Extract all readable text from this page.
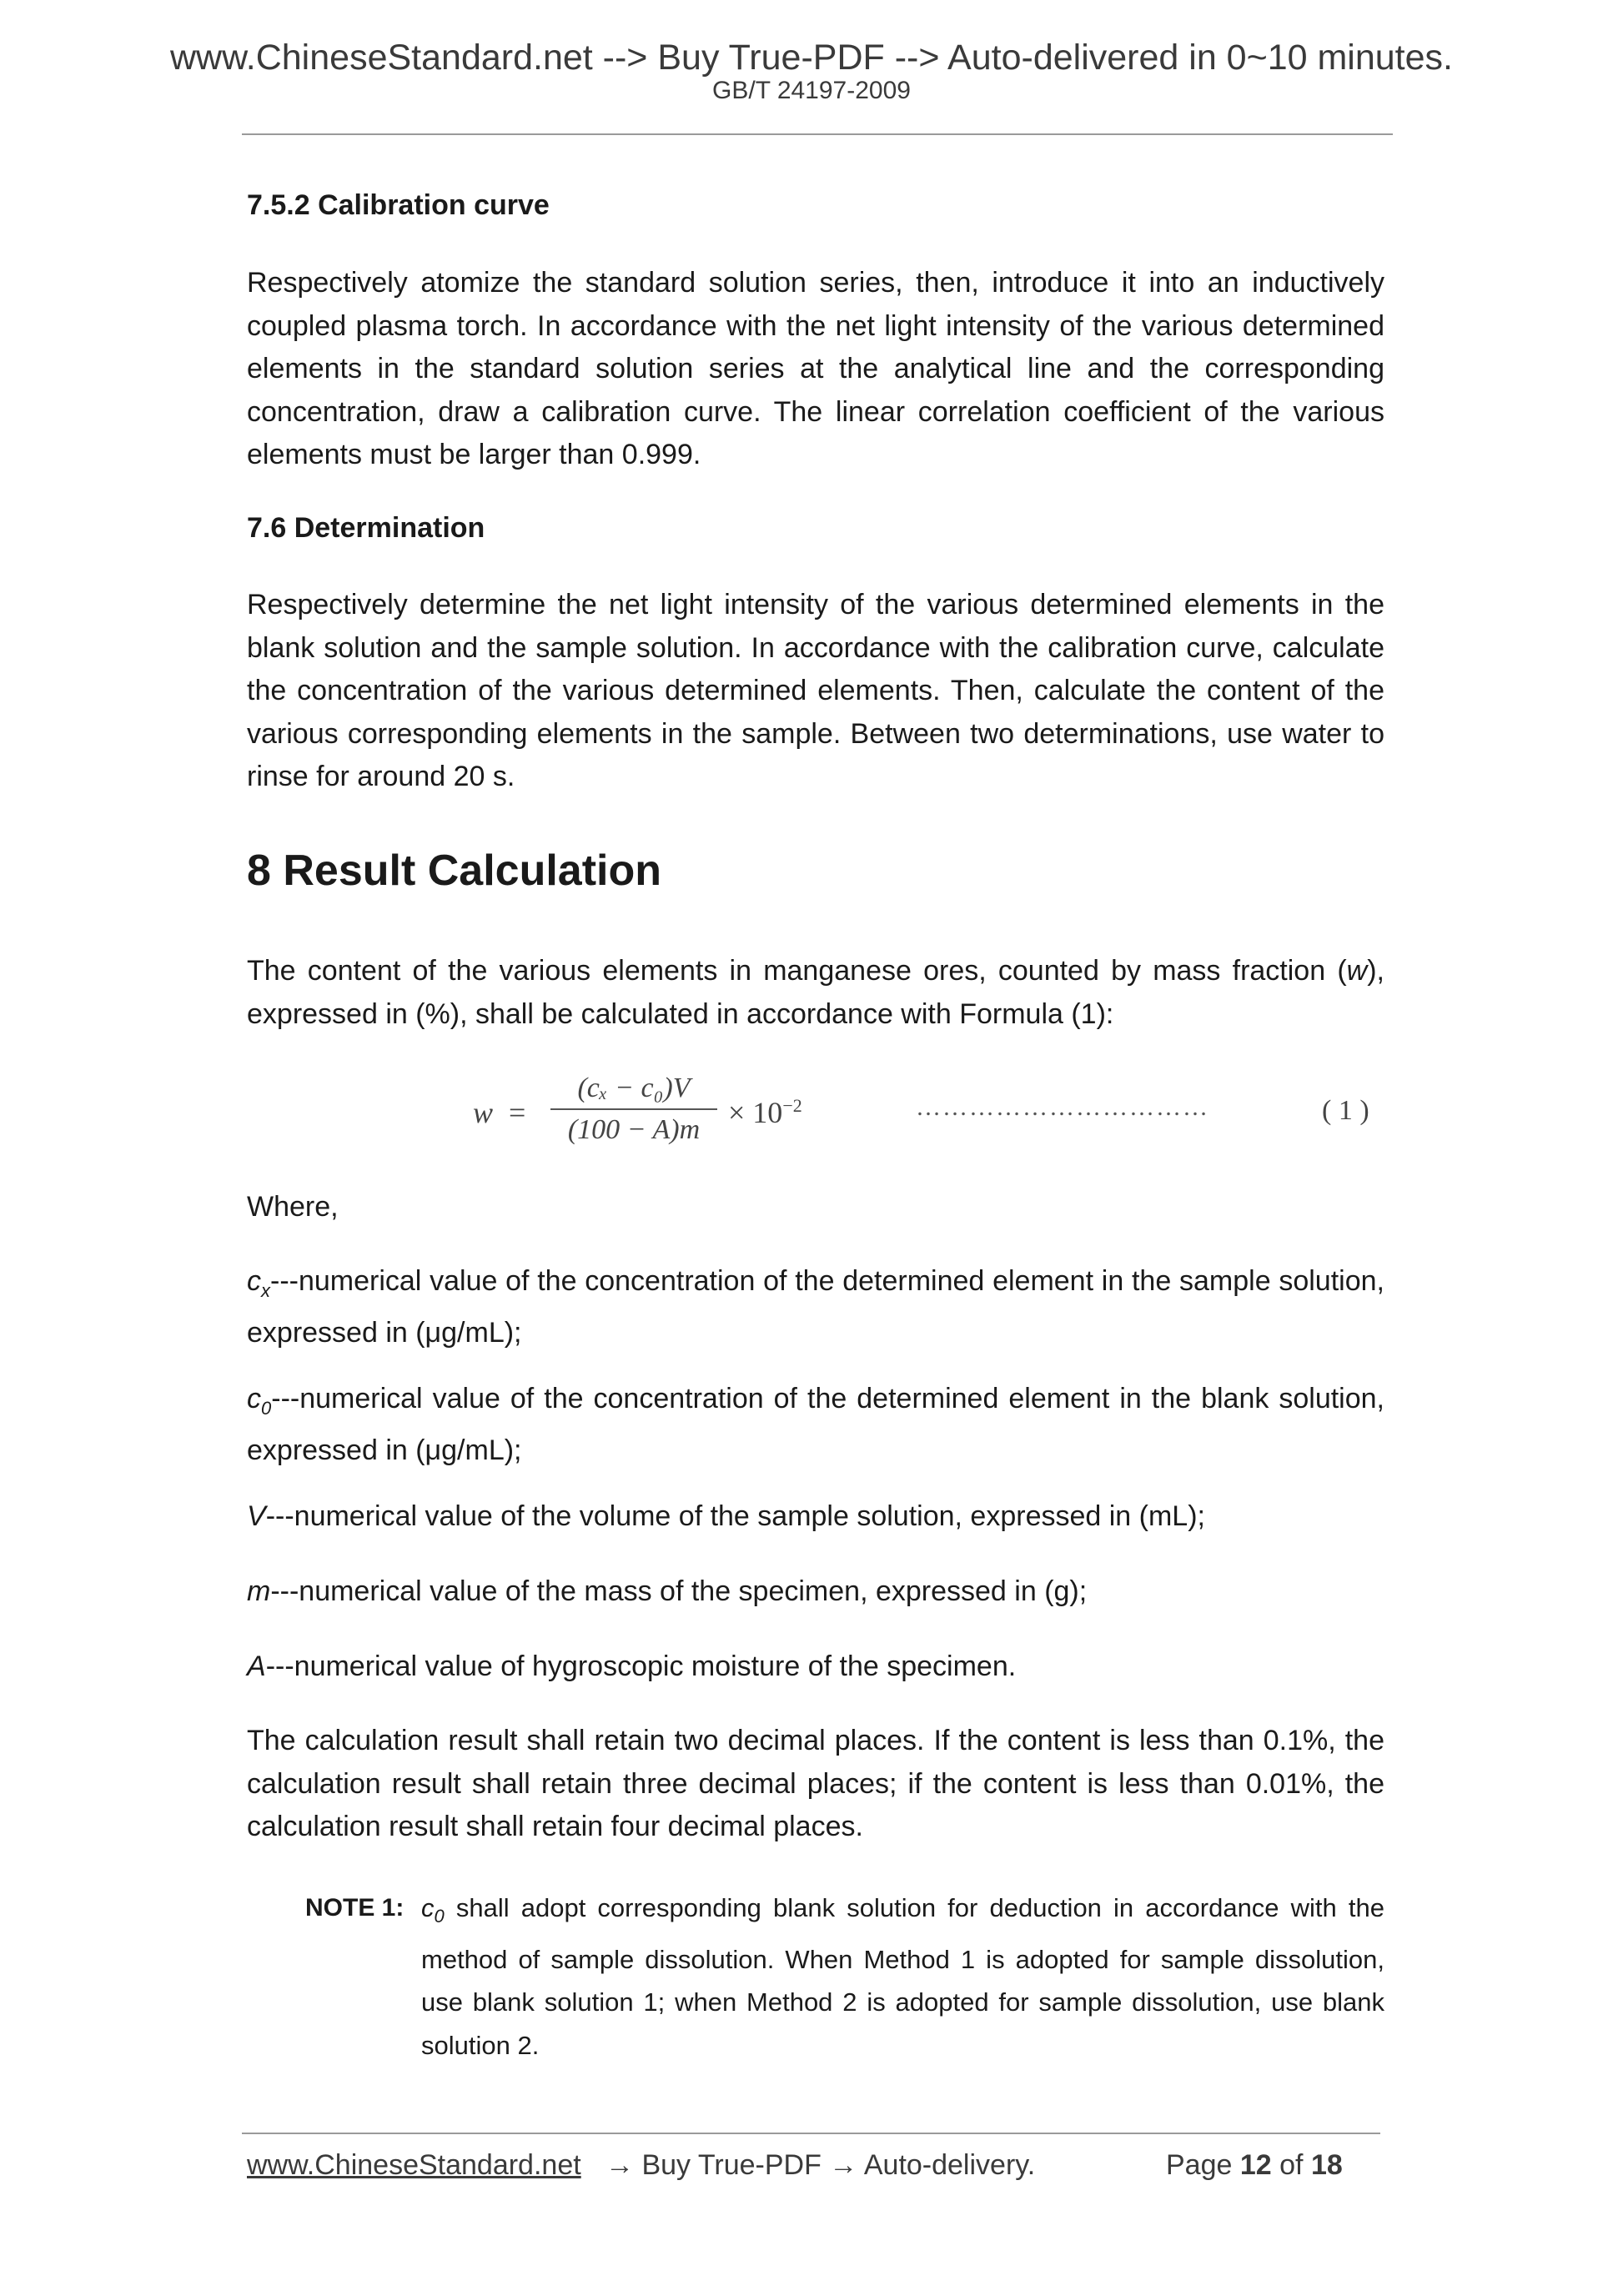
www.ChineseStandard.net --> Buy True-PDF --> Auto-delivered in 0~10 minutes.
GB/T 24197-2009
7.5.2 Calibration curve
Respectively atomize the standard solution series, then, introduce it into an inductively coupled plasma torch. In accordance with the net light intensity of the various determined elements in the standard solution series at the analytical line and the corresponding concentration, draw a calibration curve. The linear correlation coefficient of the various elements must be larger than 0.999.
7.6 Determination
Respectively determine the net light intensity of the various determined elements in the blank solution and the sample solution. In accordance with the calibration curve, calculate the concentration of the various determined elements. Then, calculate the content of the various corresponding elements in the sample. Between two determinations, use water to rinse for around 20 s.
8 Result Calculation
The content of the various elements in manganese ores, counted by mass fraction (w), expressed in (%), shall be calculated in accordance with Formula (1):
w =
(cₓ − c₀)V
(100 − A)m
× $10^{-2}$	……………………………	( 1 )
Where,
$c_x--$-numerical value of the concentration of the determined element in the sample solution, expressed in (μg/mL);
$c_0--$-numerical value of the concentration of the determined element in the blank solution, expressed in (μg/mL);
V---numerical value of the volume of the sample solution, expressed in (mL);
m---numerical value of the mass of the specimen, expressed in (g);
A---numerical value of hygroscopic moisture of the specimen.
The calculation result shall retain two decimal places. If the content is less than 0.1%, the calculation result shall retain three decimal places; if the content is less than 0.01%, the calculation result shall retain four decimal places.
NOTE 1: $c_0$ shall adopt corresponding blank solution for deduction in accordance with the method of sample dissolution. When Method 1 is adopted for sample dissolution, use blank solution 1; when Method 2 is adopted for sample dissolution, use blank solution 2.
www.ChineseStandard.net → Buy True-PDF → Auto-delivery.	Page 12 of 18
